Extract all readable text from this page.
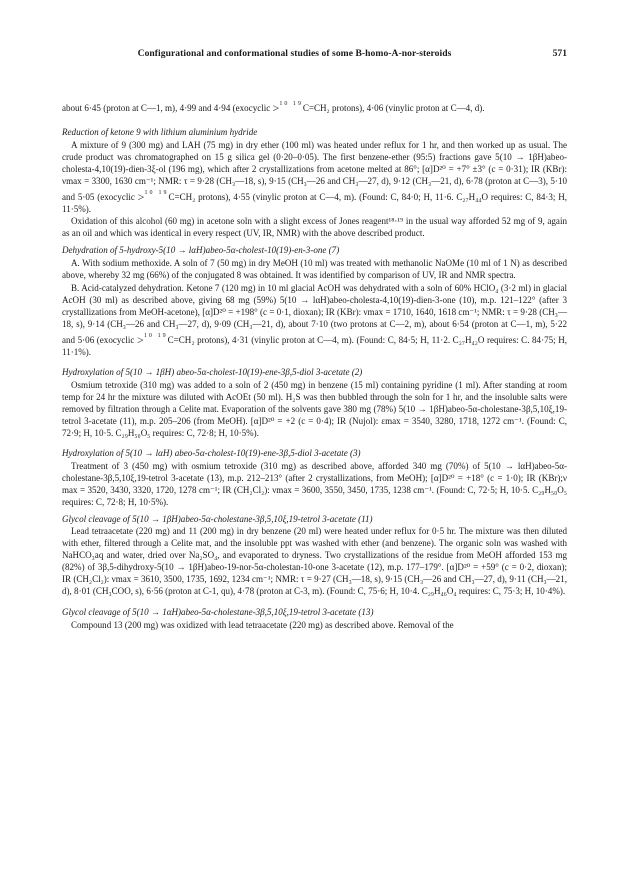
Configurational and conformational studies of some B-homo-A-nor-steroids	571

about 6·45 (proton at C—1, m), 4·99 and 4·94 (exocyclic >$^{10 19}$C=CH₂ protons), 4·06 (vinylic proton at C—4, d).

Reduction of ketone 9 with lithium aluminium hydride

A mixture of 9 (300 mg) and LAH (75 mg) in dry ether (100 ml) was heated under reflux for 1 hr, and then worked up as usual. The crude product was chromatographed on 15 g silica gel (0·20–0·05). The first benzene-ether (95:5) fractions gave 5(10 → 1βH)abeo-cholesta-4,10(19)-dien-3ξ-ol (196 mg), which after 2 crystallizations from acetone melted at 86°; [α]D²⁰ = +7° ±3° (c = 0·31); IR (KBr): νmax = 3300, 1630 cm⁻¹; NMR: τ = 9·28 (CH₃—18, s), 9·15 (CH₃—26 and CH₃—27, d), 9·12 (CH₃—21, d), 6·78 (proton at C—3), 5·10 and 5·05 (exocyclic >$^{10 19}$C=CH₂ protons), 4·55 (vinylic proton at C—4, m). (Found: C, 84·0; H, 11·6. C₂₇H₄₄O requires: C, 84·3; H, 11·5%).

Oxidation of this alcohol (60 mg) in acetone soln with a slight excess of Jones reagent¹⁸·¹⁹ in the usual way afforded 52 mg of 9, again as an oil and which was identical in every respect (UV, IR, NMR) with the above described product.

Dehydration of 5-hydroxy-5(10 → lαH)abeo-5α-cholest-10(19)-en-3-one (7)

A. With sodium methoxide. A soln of 7 (50 mg) in dry MeOH (10 ml) was treated with methanolic NaOMe (10 ml of 1 N) as described above, whereby 32 mg (66%) of the conjugated 8 was obtained. It was identified by comparison of UV, IR and NMR spectra.

B. Acid-catalyzed dehydration. Ketone 7 (120 mg) in 10 ml glacial AcOH was dehydrated with a soln of 60% HClO₄ (3·2 ml) in glacial AcOH (30 ml) as described above, giving 68 mg (59%) 5(10 → lαH)abeo-cholesta-4,10(19)-dien-3-one (10), m.p. 121–122° (after 3 crystallizations from MeOH-acetone), [α]D²⁰ = +198° (c = 0·1, dioxan); IR (KBr): νmax = 1710, 1640, 1618 cm⁻¹; NMR: τ = 9·28 (CH₃—18, s), 9·14 (CH₃—26 and CH₃—27, d), 9·09 (CH₃—21, d), about 7·10 (two protons at C—2, m), about 6·54 (proton at C—1, m), 5·22 and 5·06 (exocyclic >$^{10 19}$C=CH₂ protons), 4·31 (vinylic proton at C—4, m). (Found: C, 84·5; H, 11·2. C₂₇H₄₂O requires: C. 84·75; H, 11·1%).

Hydroxylation of 5(10 → 1βH) abeo-5α-cholest-10(19)-ene-3β,5-diol 3-acetate (2)

Osmium tetroxide (310 mg) was added to a soln of 2 (450 mg) in benzene (15 ml) containing pyridine (1 ml). After standing at room temp for 24 hr the mixture was diluted with AcOEt (50 ml). H₂S was then bubbled through the soln for 1 hr, and the insoluble salts were removed by filtration through a Celite mat. Evaporation of the solvents gave 380 mg (78%) 5(10 → 1βH)abeo-5α-cholestane-3β,5,10ξ,19-tetrol 3-acetate (11), m.p. 205–206 (from MeOH). [α]D²⁰ = +2 (c = 0·4); IR (Nujol): εmax = 3540, 3280, 1718, 1272 cm⁻¹. (Found: C, 72·9; H, 10·5. C₂₉H₅₀O₅ requires: C, 72·8; H, 10·5%).

Hydroxylation of 5(10 → lαH) abeo-5α-cholest-10(19)-ene-3β,5-diol 3-acetate (3)

Treatment of 3 (450 mg) with osmium tetroxide (310 mg) as described above, afforded 340 mg (70%) of 5(10 → lαH)abeo-5α-cholestane-3β,5,10ξ,19-tetrol 3-acetate (13), m.p. 212–213° (after 2 crystallizations, from MeOH); [α]D²⁰ = +18° (c = 1·0); IR (KBr);ν max = 3520, 3430, 3320, 1720, 1278 cm⁻¹; IR (CH₂Cl₂): νmax = 3600, 3550, 3450, 1735, 1238 cm⁻¹. (Found: C, 72·5; H, 10·5. C₂₉H₅₀O₅ requires: C, 72·8; H, 10·5%).

Glycol cleavage of 5(10 → 1βH)abeo-5α-cholestane-3β,5,10ξ,19-tetrol 3-acetate (11)

Lead tetraacetate (220 mg) and 11 (200 mg) in dry benzene (20 ml) were heated under reflux for 0·5 hr. The mixture was then diluted with ether, filtered through a Celite mat, and the insoluble ppt was washed with ether (and benzene). The organic soln was washed with NaHCO₃aq and water, dried over Na₂SO₄, and evaporated to dryness. Two crystallizations of the residue from MeOH afforded 153 mg (82%) of 3β,5-dihydroxy-5(10 → 1βH)abeo-19-nor-5α-cholestan-10-one 3-acetate (12), m.p. 177–179°. [α]D²⁰ = +59° (c = 0·2, dioxan); IR (CH₂Cl₂): νmax = 3610, 3500, 1735, 1692, 1234 cm⁻¹; NMR: τ = 9·27 (CH₃—18, s), 9·15 (CH₃—26 and CH₃—27, d), 9·11 (CH₃—21, d), 8·01 (CH₃COO, s), 6·56 (proton at C-1, qu), 4·78 (proton at C-3, m). (Found: C, 75·6; H, 10·4. C₂₉H₄₆O₄ requires: C, 75·3; H, 10·4%).

Glycol cleavage of 5(10 → 1αH)abeo-5α-cholestane-3β,5,10ξ,19-tetrol 3-acetate (13)

Compound 13 (200 mg) was oxidized with lead tetraacetate (220 mg) as described above. Removal of the
